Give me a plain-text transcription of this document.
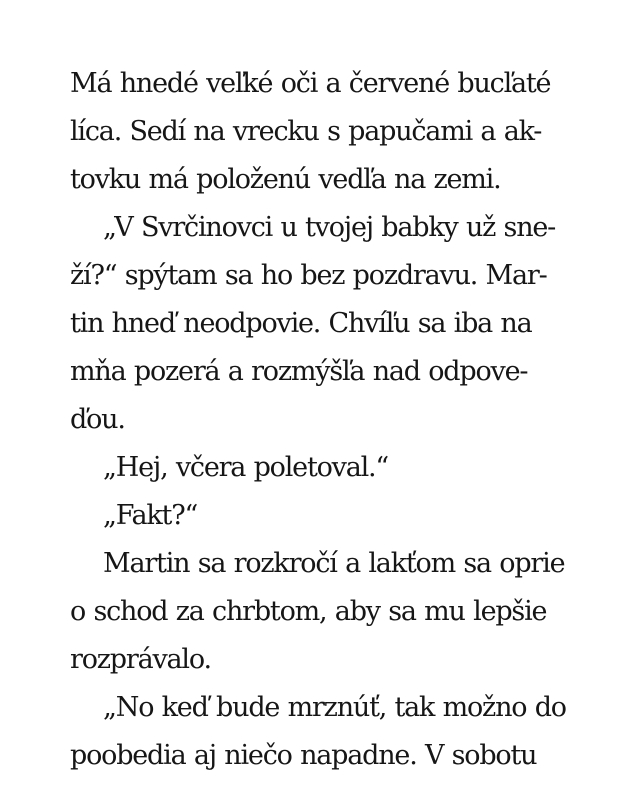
Má hnedé veľké oči a červené bucľaté

líca. Sedí na vrecku s papučami a ak-

tovku má položenú vedľa na zemi.

„V Svrčinovci u tvojej babky už sne-

ží?“ spýtam sa ho bez pozdravu. Mar-

tin hneď neodpovie. Chvíľu sa iba na

mňa pozerá a rozmýšľa nad odpove-

ďou.

„Hej, včera poletoval.“

„Fakt?“

Martin sa rozkročí a lakťom sa oprie

o schod za chrbtom, aby sa mu lepšie

rozprávalo.

„No keď bude mrznúť, tak možno do

poobedia aj niečo napadne. V sobotu
